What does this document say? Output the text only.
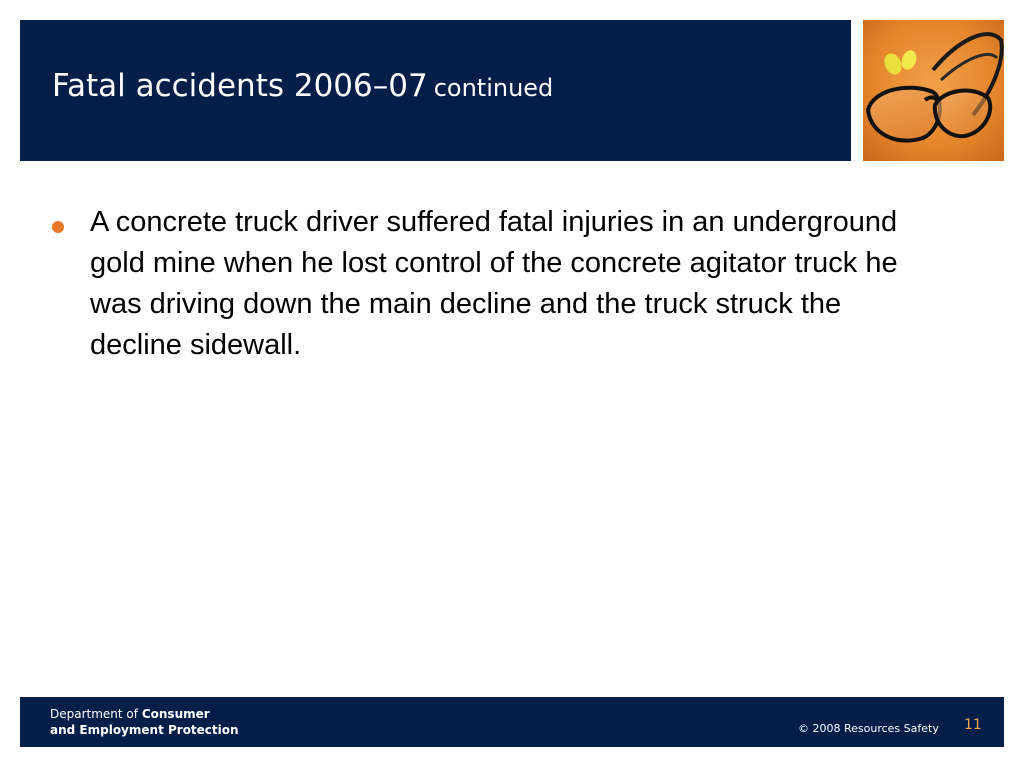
Fatal accidents 2006–07 continued

A concrete truck driver suffered fatal injuries in an underground gold mine when he lost control of the concrete agitator truck he was driving down the main decline and the truck struck the decline sidewall.

Department of Consumer
and Employment Protection	© 2008 Resources Safety 11
